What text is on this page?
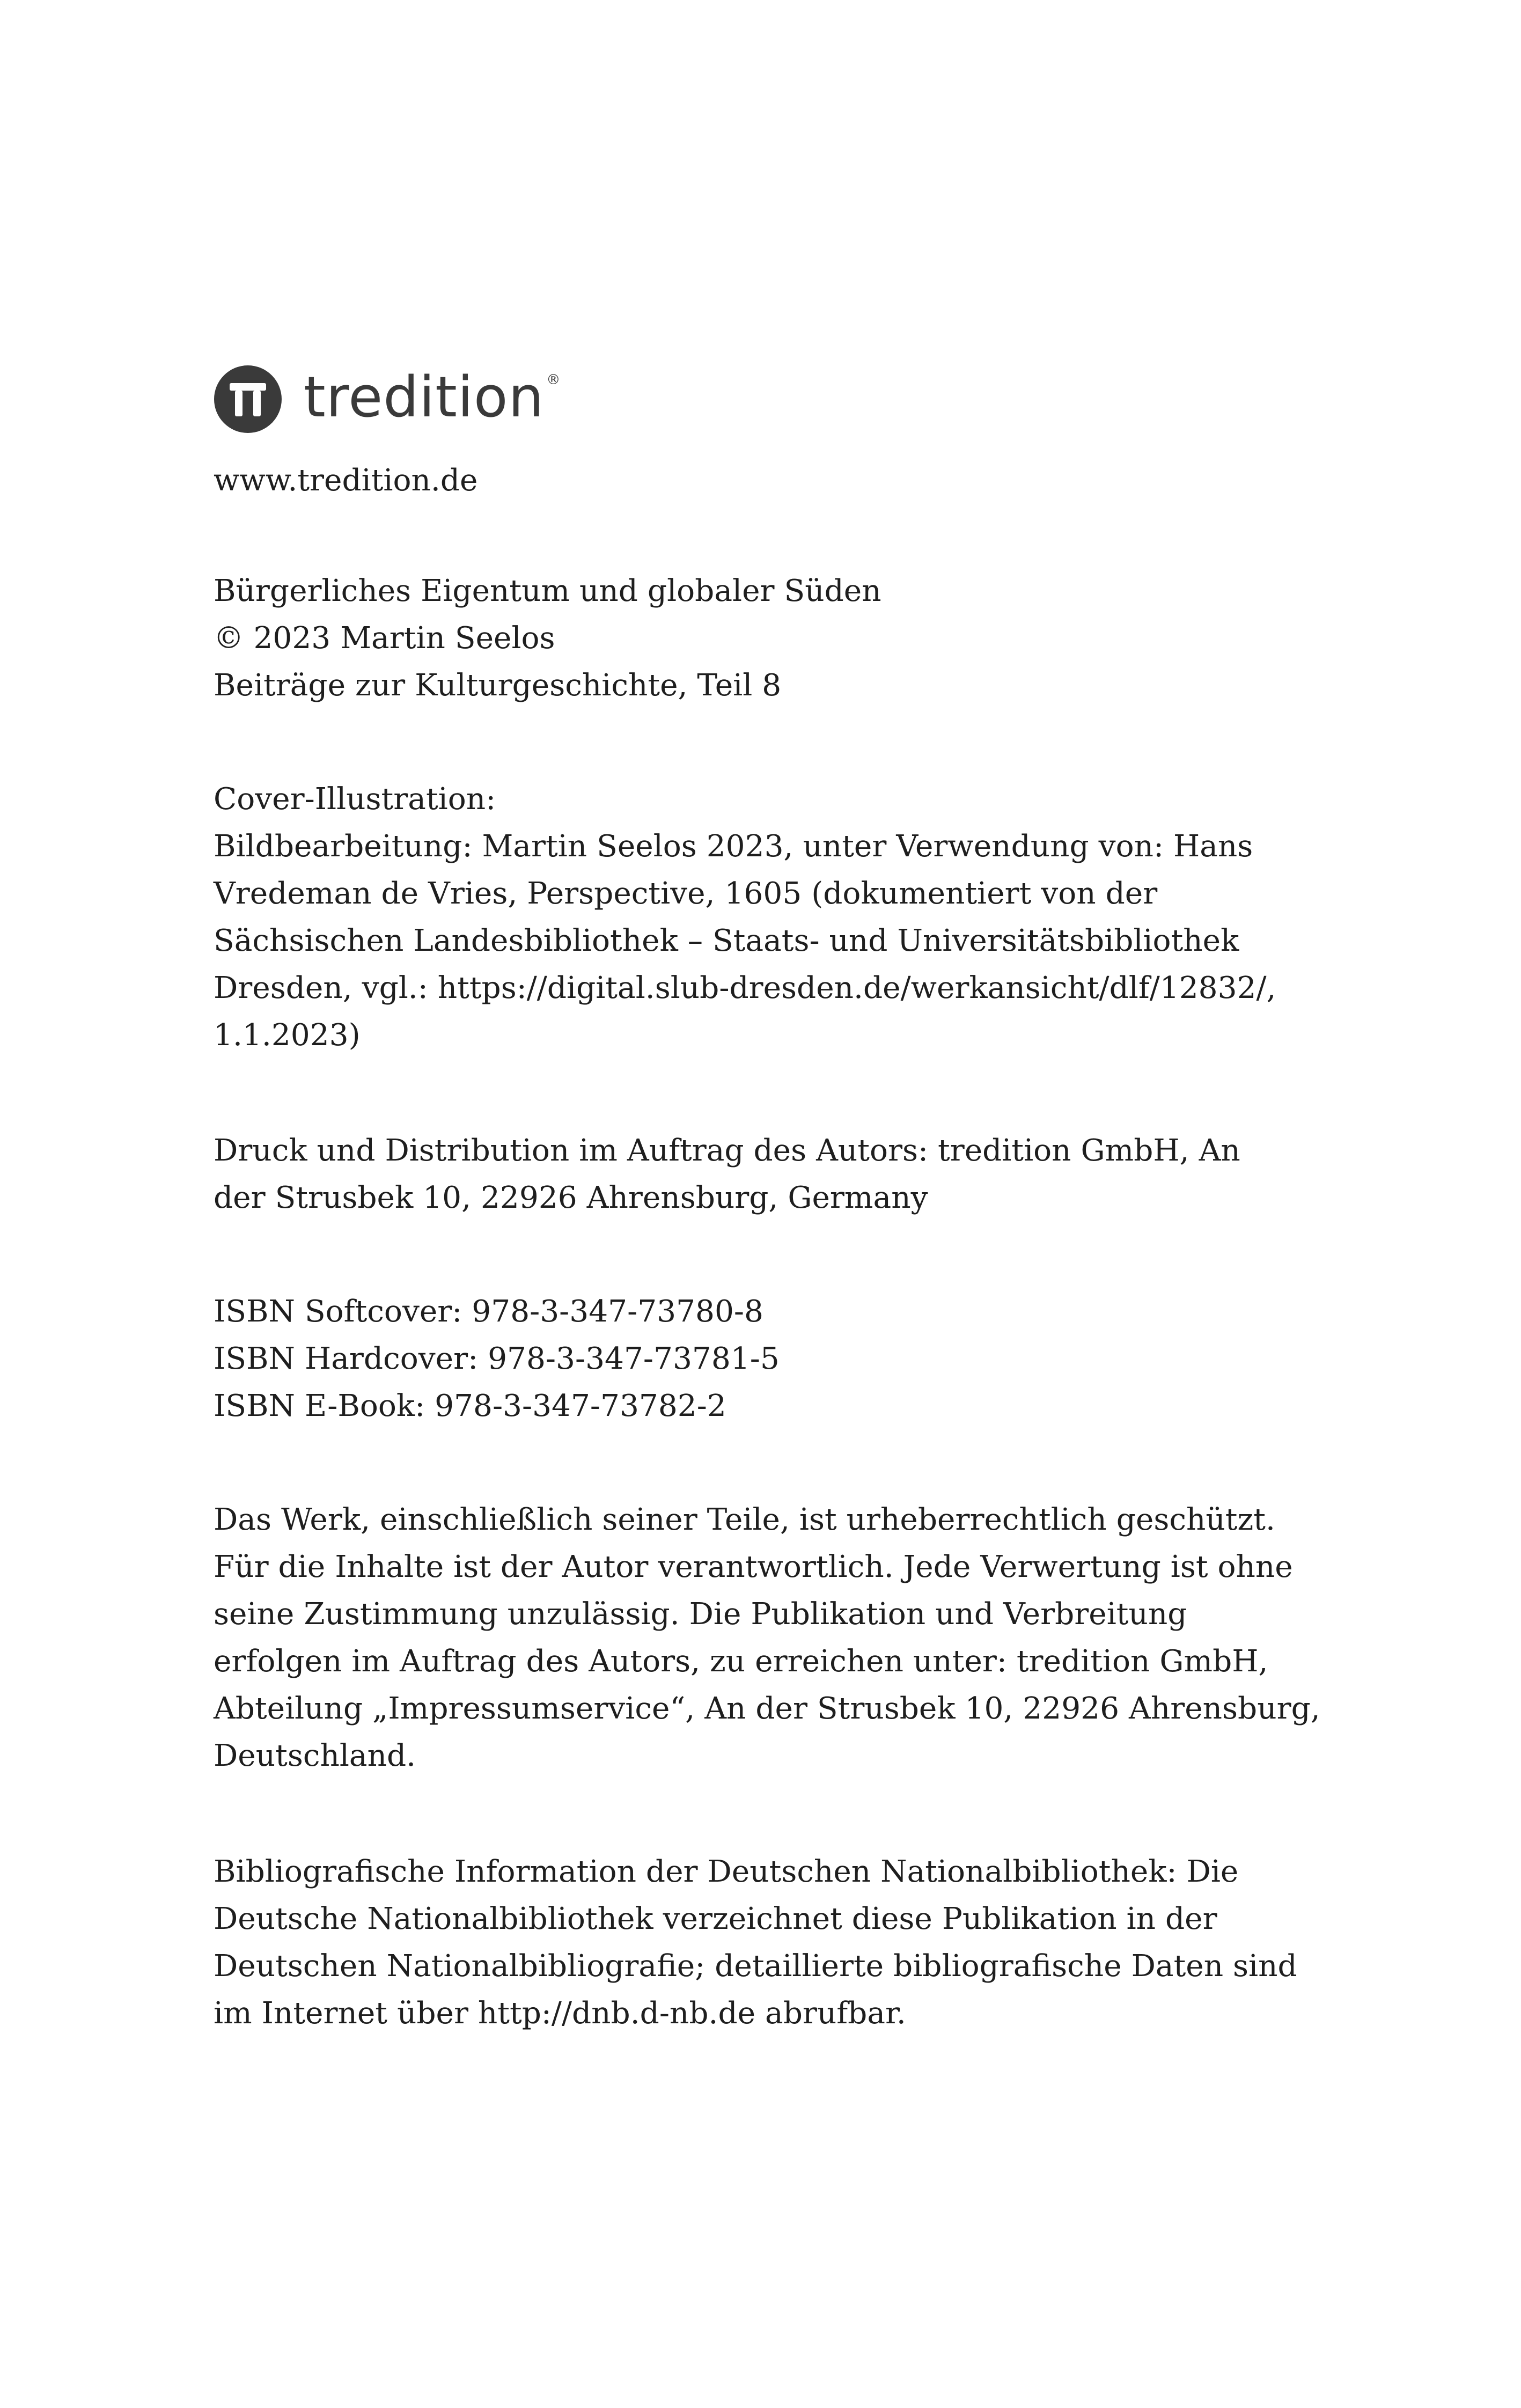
tredition ®
www.tredition.de
Bürgerliches Eigentum und globaler Süden
© 2023 Martin Seelos
Beiträge zur Kulturgeschichte, Teil 8
Cover-Illustration:
Bildbearbeitung: Martin Seelos 2023, unter Verwendung von: Hans
Vredeman de Vries, Perspective, 1605 (dokumentiert von der
Sächsischen Landesbibliothek – Staats- und Universitätsbibliothek
Dresden, vgl.: https://digital.slub-dresden.de/werkansicht/dlf/12832/,
1.1.2023)
Druck und Distribution im Auftrag des Autors: tredition GmbH, An
der Strusbek 10, 22926 Ahrensburg, Germany
ISBN Softcover: 978-3-347-73780-8
ISBN Hardcover: 978-3-347-73781-5
ISBN E-Book: 978-3-347-73782-2
Das Werk, einschließlich seiner Teile, ist urheberrechtlich geschützt.
Für die Inhalte ist der Autor verantwortlich. Jede Verwertung ist ohne
seine Zustimmung unzulässig. Die Publikation und Verbreitung
erfolgen im Auftrag des Autors, zu erreichen unter: tredition GmbH,
Abteilung „Impressumservice“, An der Strusbek 10, 22926 Ahrensburg,
Deutschland.
Bibliografische Information der Deutschen Nationalbibliothek: Die
Deutsche Nationalbibliothek verzeichnet diese Publikation in der
Deutschen Nationalbibliografie; detaillierte bibliografische Daten sind
im Internet über http://dnb.d-nb.de abrufbar.
